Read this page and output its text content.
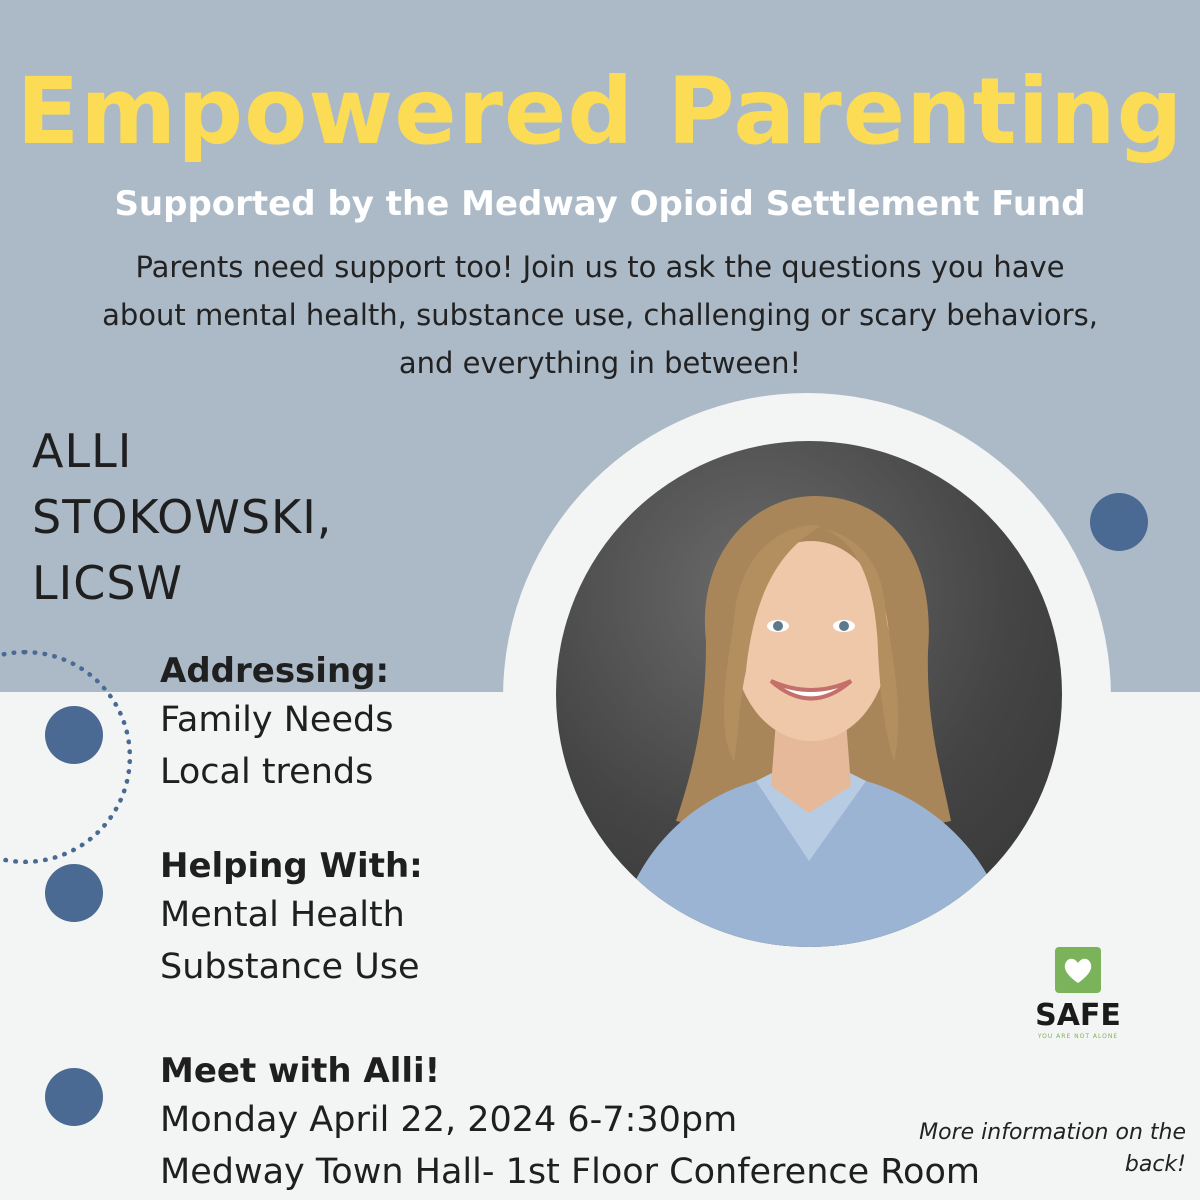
Empowered Parenting
Supported by the Medway Opioid Settlement Fund

Parents need support too! Join us to ask the questions you have
about mental health, substance use, challenging or scary behaviors,
and everything in between!

ALLI
STOKOWSKI,
LICSW
Addressing:
Family Needs
Local trends
Helping With:
Mental Health
Substance Use
Meet with Alli!
Monday April 22, 2024 6-7:30pm
Medway Town Hall- 1st Floor Conference Room
SAFE
YOU ARE NOT ALONE
More information on the
back!
